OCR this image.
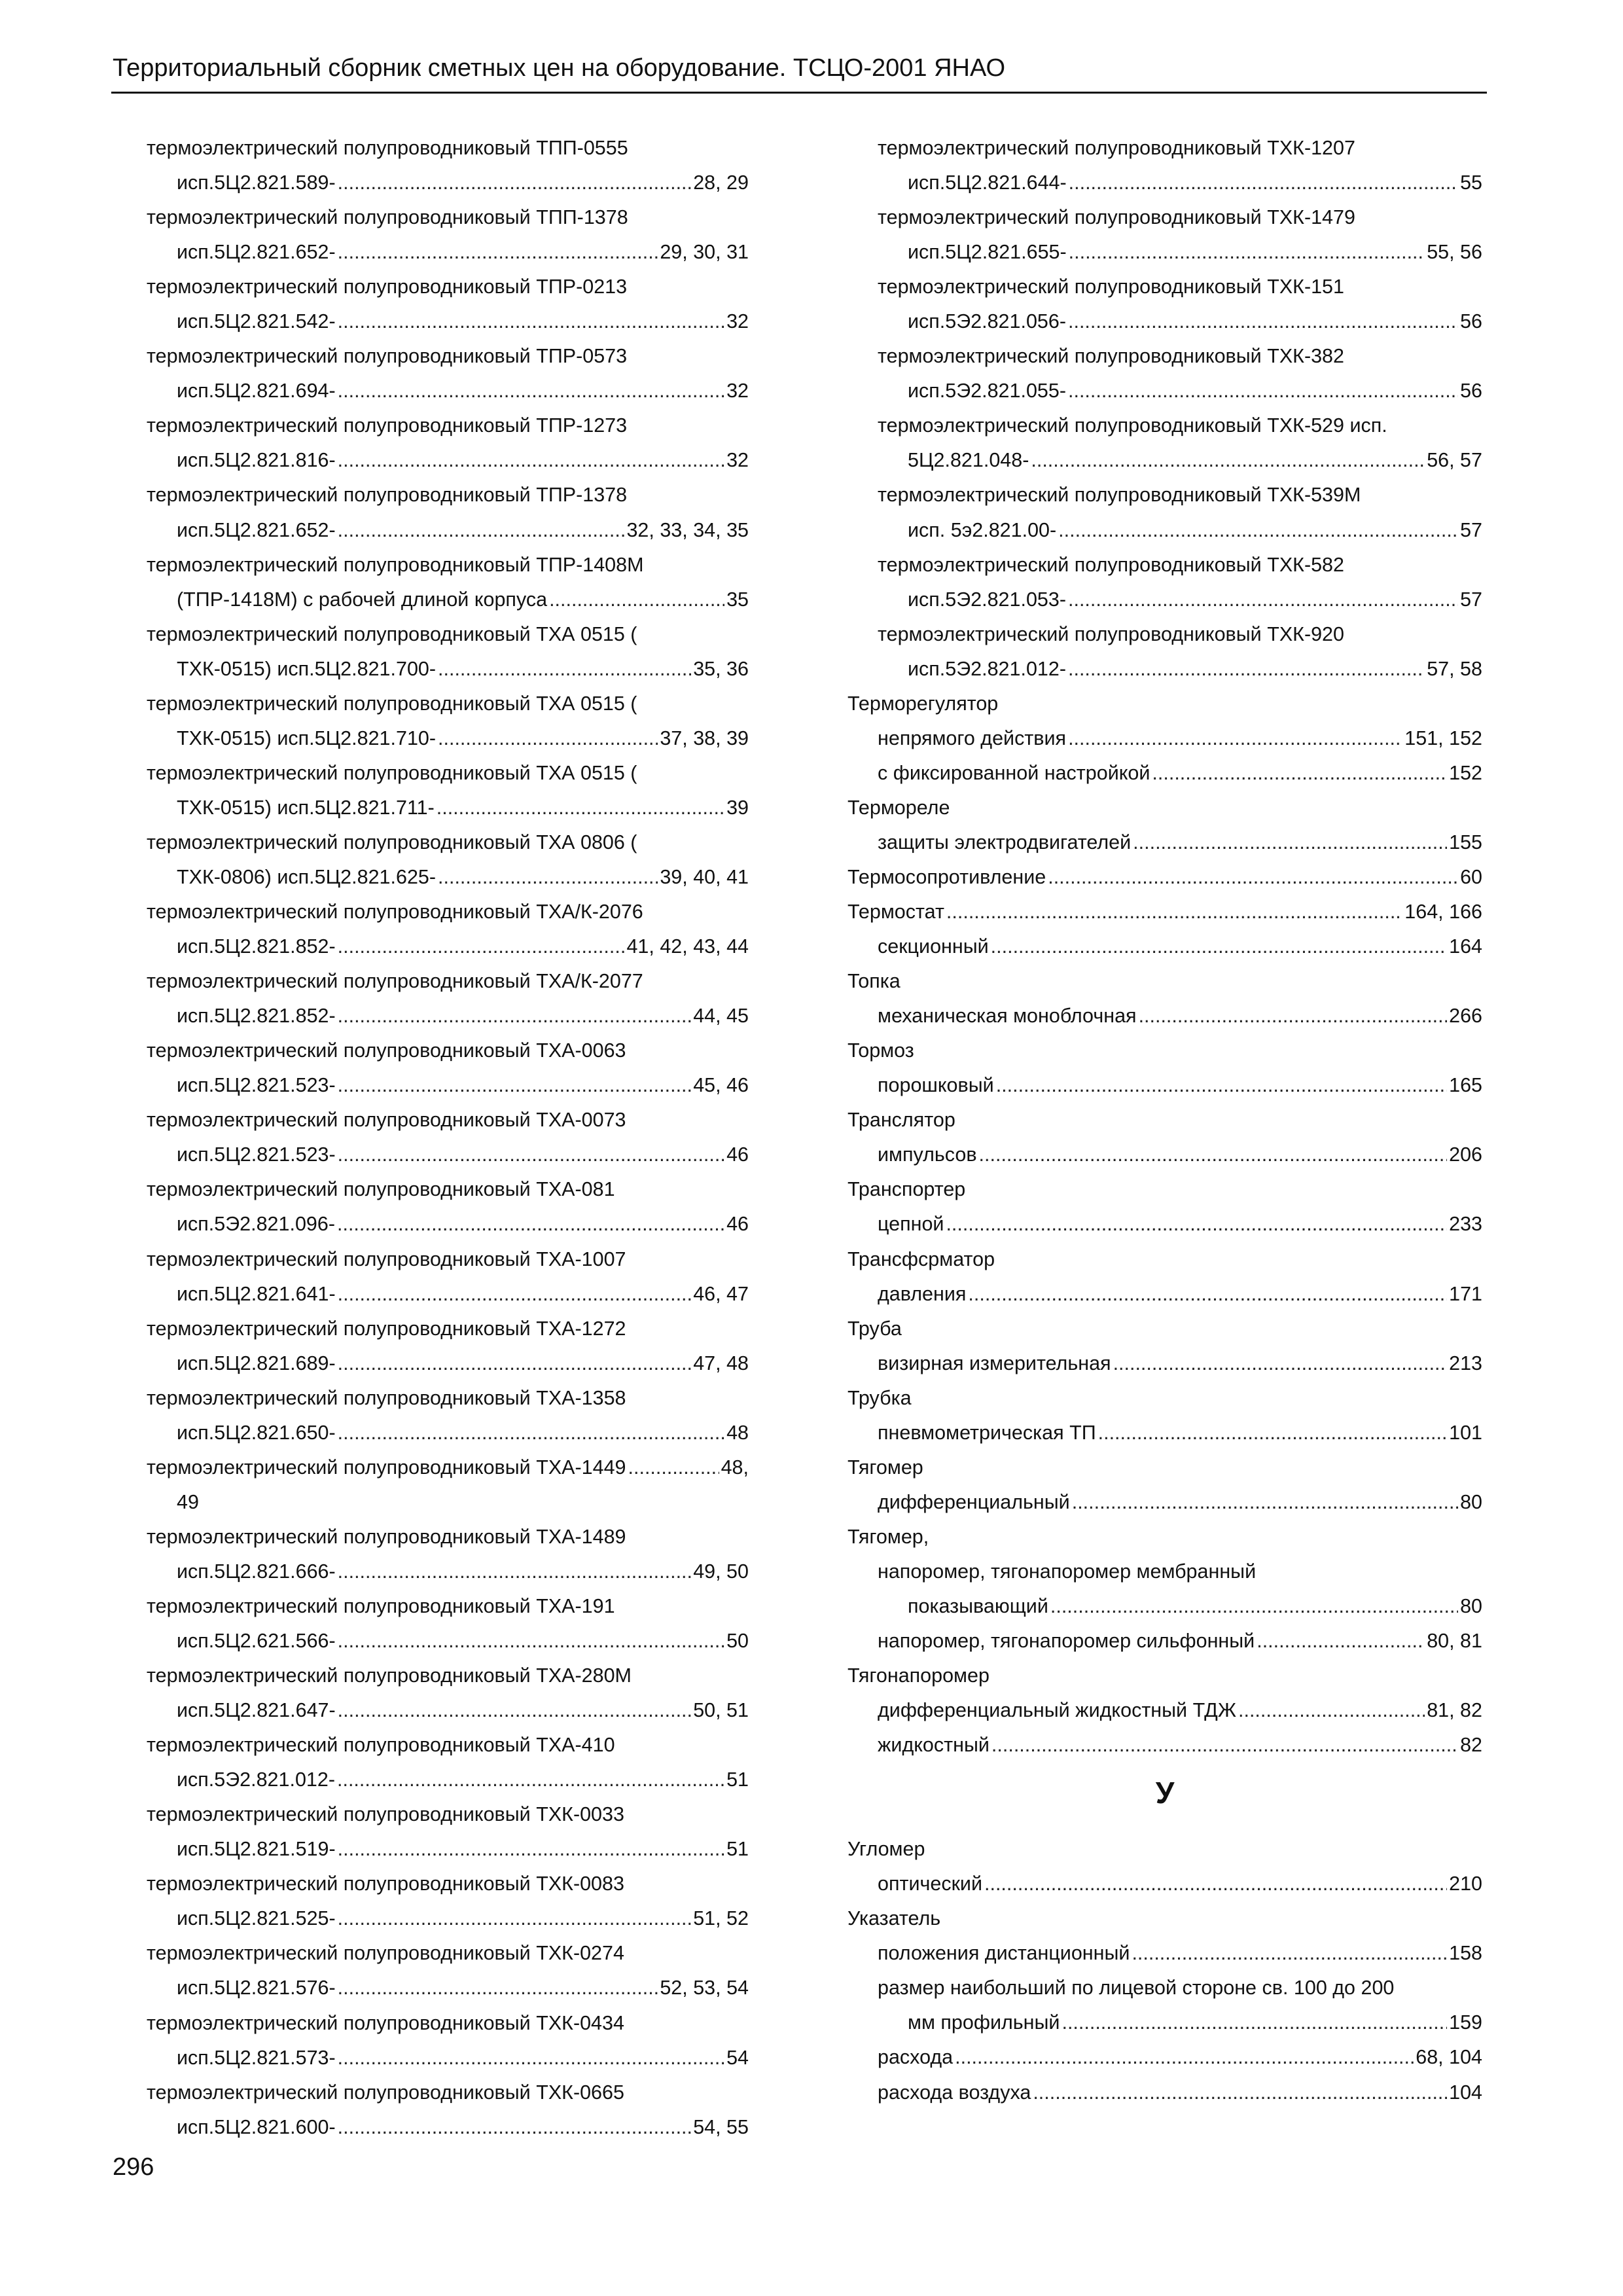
Территориальный сборник сметных цен на оборудование. ТСЦО-2001 ЯНАО
термоэлектрический полупроводниковый ТПП-0555
исп.5Ц2.821.589- .....	28, 29
термоэлектрический полупроводниковый ТПП-1378
исп.5Ц2.821.652- .....	29, 30, 31
термоэлектрический полупроводниковый ТПР-0213
исп.5Ц2.821.542- .....	32
термоэлектрический полупроводниковый ТПР-0573
исп.5Ц2.821.694- .....	32
термоэлектрический полупроводниковый ТПР-1273
исп.5Ц2.821.816- .....	32
термоэлектрический полупроводниковый ТПР-1378
исп.5Ц2.821.652- .....	32, 33, 34, 35
термоэлектрический полупроводниковый ТПР-1408М
(ТПР-1418М) с рабочей длиной корпуса .....	35
термоэлектрический полупроводниковый ТХА 0515 (
ТХК-0515) исп.5Ц2.821.700- .....	35, 36
термоэлектрический полупроводниковый ТХА 0515 (
ТХК-0515) исп.5Ц2.821.710- .....	37, 38, 39
термоэлектрический полупроводниковый ТХА 0515 (
ТХК-0515) исп.5Ц2.821.711- .....	39
термоэлектрический полупроводниковый ТХА 0806 (
ТХК-0806) исп.5Ц2.821.625- .....	39, 40, 41
термоэлектрический полупроводниковый ТХА/К-2076
исп.5Ц2.821.852- .....	41, 42, 43, 44
термоэлектрический полупроводниковый ТХА/К-2077
исп.5Ц2.821.852- .....	44, 45
термоэлектрический полупроводниковый ТХА-0063
исп.5Ц2.821.523- .....	45, 46
термоэлектрический полупроводниковый ТХА-0073
исп.5Ц2.821.523- .....	46
термоэлектрический полупроводниковый ТХА-081
исп.5Э2.821.096- .....	46
термоэлектрический полупроводниковый ТХА-1007
исп.5Ц2.821.641- .....	46, 47
термоэлектрический полупроводниковый ТХА-1272
исп.5Ц2.821.689- .....	47, 48
термоэлектрический полупроводниковый ТХА-1358
исп.5Ц2.821.650- .....	48
термоэлектрический полупроводниковый ТХА-1449 .....	48,
49
термоэлектрический полупроводниковый ТХА-1489
исп.5Ц2.821.666- .....	49, 50
термоэлектрический полупроводниковый ТХА-191
исп.5Ц2.621.566- .....	50
термоэлектрический полупроводниковый ТХА-280М
исп.5Ц2.821.647- .....	50, 51
термоэлектрический полупроводниковый ТХА-410
исп.5Э2.821.012- .....	51
термоэлектрический полупроводниковый ТХК-0033
исп.5Ц2.821.519- .....	51
термоэлектрический полупроводниковый ТХК-0083
исп.5Ц2.821.525- .....	51, 52
термоэлектрический полупроводниковый ТХК-0274
исп.5Ц2.821.576- .....	52, 53, 54
термоэлектрический полупроводниковый ТХК-0434
исп.5Ц2.821.573- .....	54
термоэлектрический полупроводниковый ТХК-0665
исп.5Ц2.821.600- .....	54, 55
термоэлектрический полупроводниковый ТХК-1207
исп.5Ц2.821.644- .....	55
термоэлектрический полупроводниковый ТХК-1479
исп.5Ц2.821.655- .....	55, 56
термоэлектрический полупроводниковый ТХК-151
исп.5Э2.821.056- .....	56
термоэлектрический полупроводниковый ТХК-382
исп.5Э2.821.055- .....	56
термоэлектрический полупроводниковый ТХК-529 исп.
5Ц2.821.048- .....	56, 57
термоэлектрический полупроводниковый ТХК-539М
исп. 5э2.821.00- .....	57
термоэлектрический полупроводниковый ТХК-582
исп.5Э2.821.053- .....	57
термоэлектрический полупроводниковый ТХК-920
исп.5Э2.821.012- .....	57, 58
Терморегулятор
непрямого действия .....	151, 152
с фиксированной настройкой .....	152
Термореле
защиты электродвигателей .....	155
Термосопротивление .....	60
Термостат .....	164, 166
секционный .....	164
Топка
механическая моноблочная .....	266
Тормоз
порошковый .....	165
Транслятор
импульсов .....	206
Транспортер
цепной .....	233
Трансфсрматор
давления .....	171
Труба
визирная измерительная .....	213
Трубка
пневмометрическая ТП .....	101
Тягомер
дифференциальный .....	80
Тягомер,
напоромер, тягонапоромер мембранный
показывающий .....	80
напоромер, тягонапоромер сильфонный .....	80, 81
Тягонапоромер
дифференциальный жидкостный ТДЖ .....	81, 82
жидкостный .....	82
У
Угломер
оптический .....	210
Указатель
положения дистанционный .....	158
размер наибольший по лицевой стороне св. 100 до 200
мм профильный .....	159
расхода .....	68, 104
расхода воздуха .....	104
296
